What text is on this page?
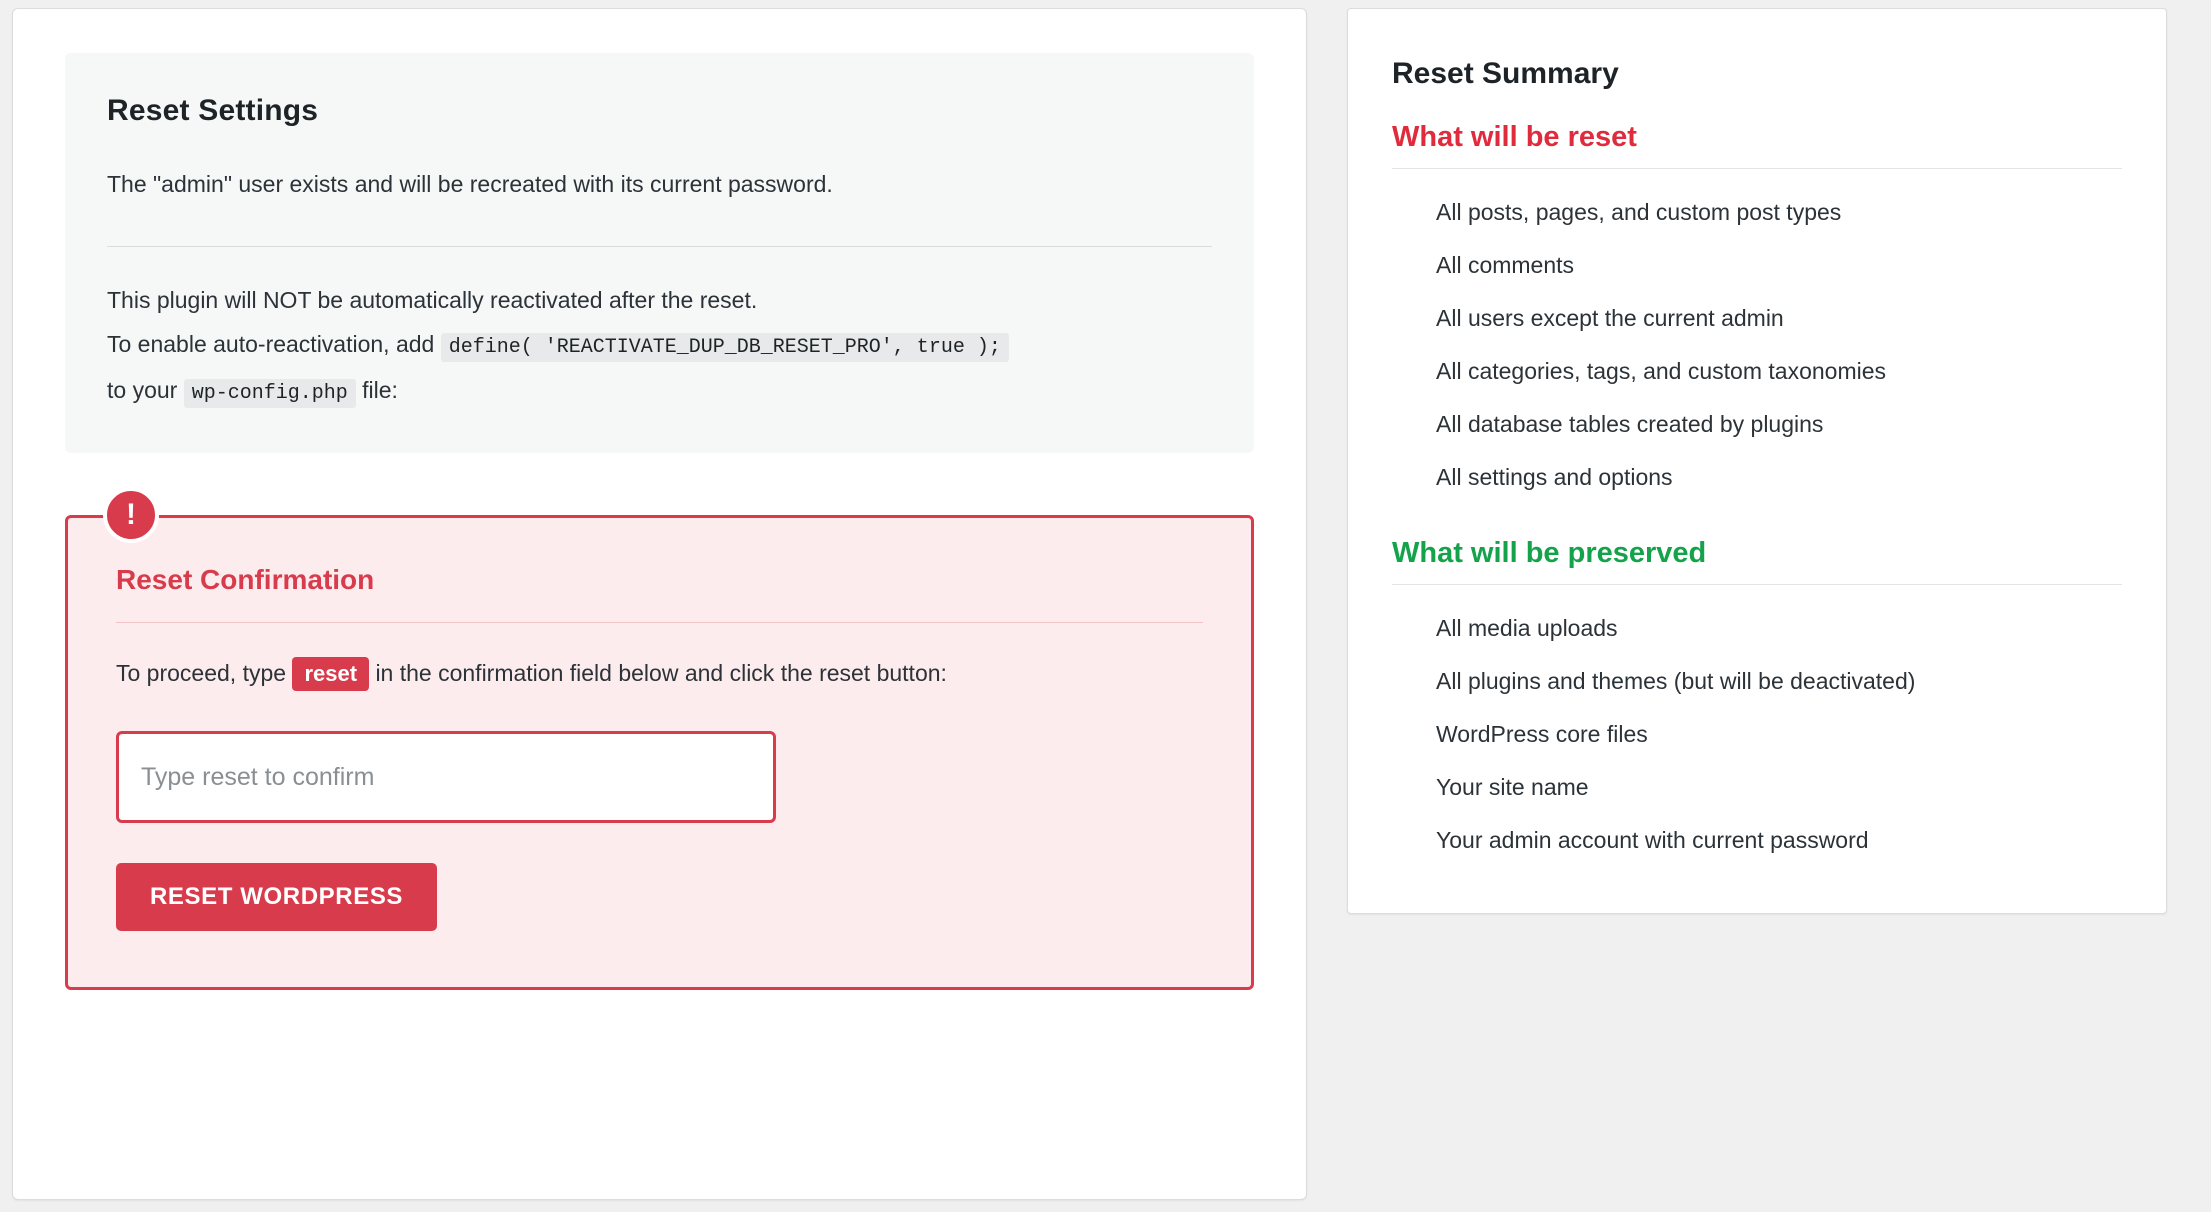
Reset Settings
The "admin" user exists and will be recreated with its current password.
This plugin will NOT be automatically reactivated after the reset.
To enable auto-reactivation, add define( 'REACTIVATE_DUP_DB_RESET_PRO', true );
to your wp-config.php file:
!
Reset Confirmation
To proceed, type reset in the confirmation field below and click the reset button:
Type reset to confirm RESET WORDPRESS
Reset Summary
What will be reset
All posts, pages, and custom post types
All comments
All users except the current admin
All categories, tags, and custom taxonomies
All database tables created by plugins
All settings and options
What will be preserved
All media uploads
All plugins and themes (but will be deactivated)
WordPress core files
Your site name
Your admin account with current password
